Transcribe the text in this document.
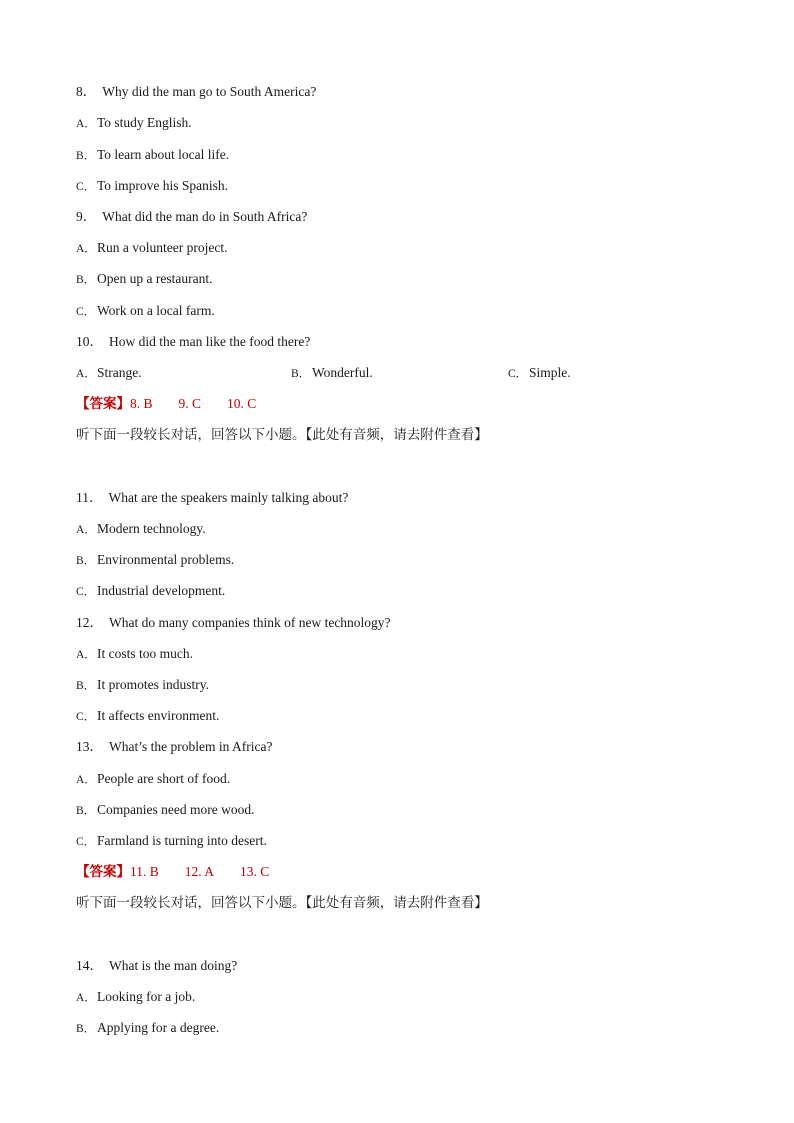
8． Why did the man go to South America?
A．To study English.
B． To learn about local life.
C． To improve his Spanish.
9． What did the man do in South Africa?
A．Run a volunteer project.
B． Open up a restaurant.
C． Work on a local farm.
10． How did the man like the food there?
A．Strange.	B． Wonderful.	C． Simple.
【答案】8. B 9. C 10. C
听下面一段较长对话，回答以下小题。【此处有音频，请去附件查看】
11． What are the speakers mainly talking about?
A．Modern technology.
B． Environmental problems.
C． Industrial development.
12． What do many companies think of new technology?
A．It costs too much.
B． It promotes industry.
C． It affects environment.
13． What’s the problem in Africa?
A．People are short of food.
B． Companies need more wood.
C． Farmland is turning into desert.
【答案】11. B 12. A 13. C
听下面一段较长对话，回答以下小题。【此处有音频，请去附件查看】
14． What is the man doing?
A．Looking for a job.
B． Applying for a degree.
